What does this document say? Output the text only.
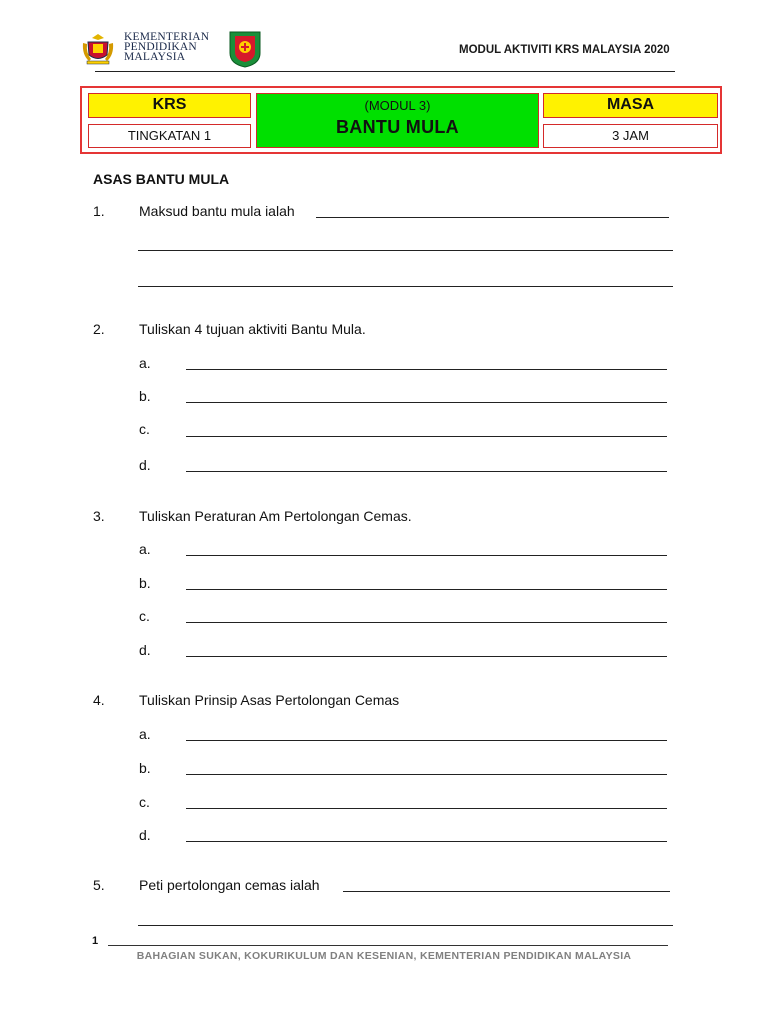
KEMENTERIAN
PENDIDIKAN
MALAYSIA
MODUL AKTIVITI KRS MALAYSIA 2020
KRS
TINGKATAN 1
(MODUL 3)
BANTU MULA
MASA
3 JAM
ASAS BANTU MULA
1. Maksud bantu mula ialah
2. Tuliskan 4 tujuan aktiviti Bantu Mula.
a.
b.
c.
d.
3. Tuliskan Peraturan Am Pertolongan Cemas.
a.
b.
c.
d.
4. Tuliskan Prinsip Asas Pertolongan Cemas
a.
b.
c.
d.
5. Peti pertolongan cemas ialah
1
BAHAGIAN SUKAN, KOKURIKULUM DAN KESENIAN, KEMENTERIAN PENDIDIKAN MALAYSIA
